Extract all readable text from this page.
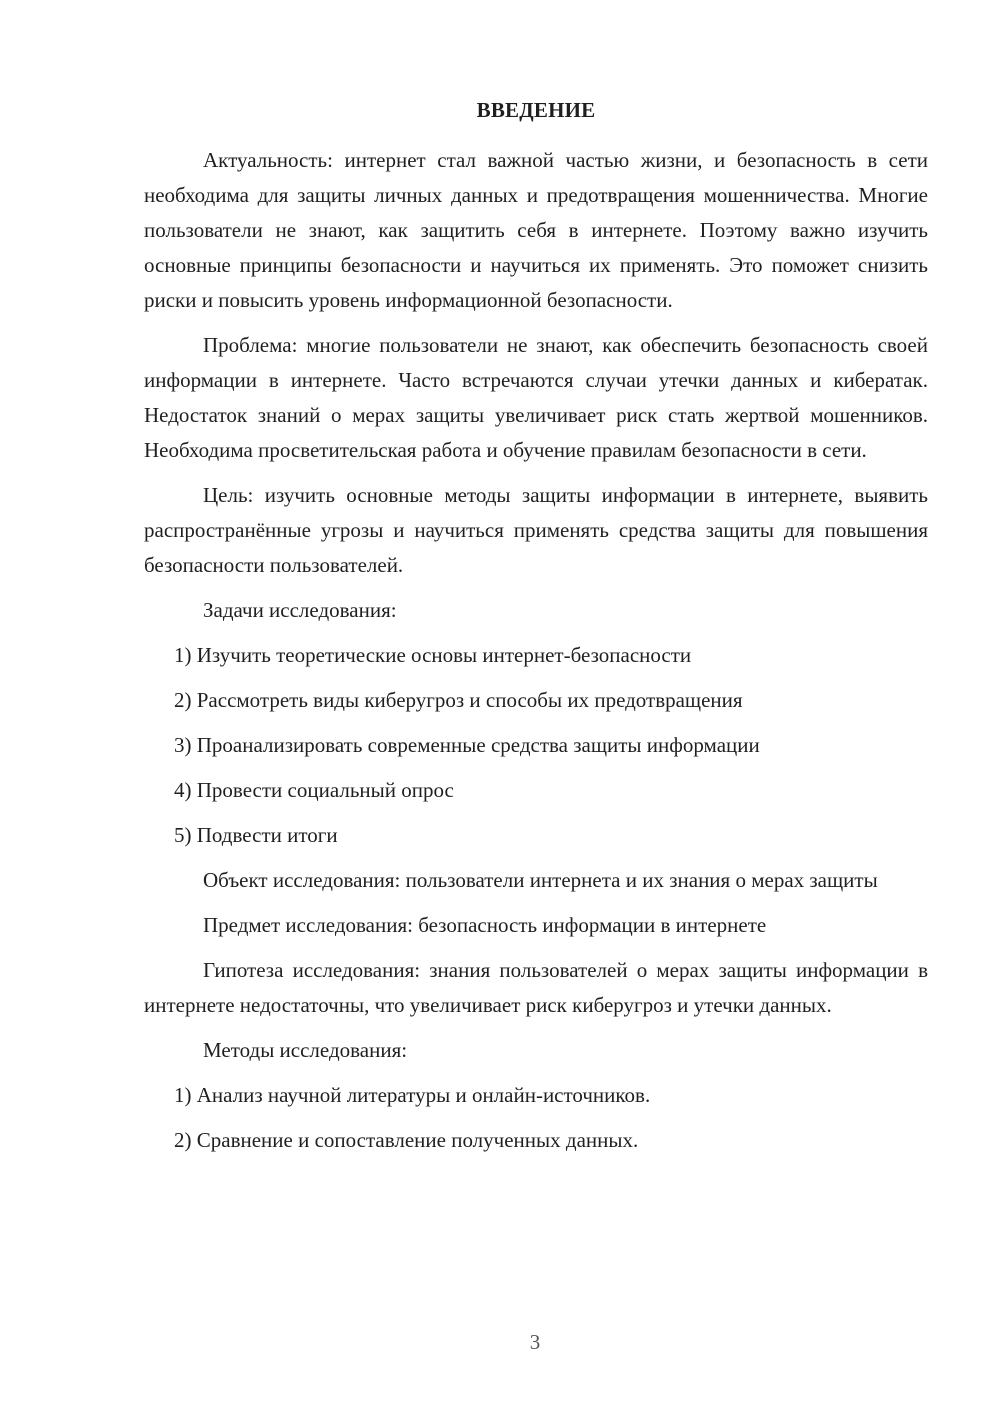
ВВЕДЕНИЕ

Актуальность: интернет стал важной частью жизни, и безопасность в сети необходима для защиты личных данных и предотвращения мошенничества. Многие пользователи не знают, как защитить себя в интернете. Поэтому важно изучить основные принципы безопасности и научиться их применять. Это поможет снизить риски и повысить уровень информационной безопасности.

Проблема: многие пользователи не знают, как обеспечить безопасность своей информации в интернете. Часто встречаются случаи утечки данных и кибератак. Недостаток знаний о мерах защиты увеличивает риск стать жертвой мошенников. Необходима просветительская работа и обучение правилам безопасности в сети.

Цель: изучить основные методы защиты информации в интернете, выявить распространённые угрозы и научиться применять средства защиты для повышения безопасности пользователей.

Задачи исследования:

1) Изучить теоретические основы интернет-безопасности
2) Рассмотреть виды киберугроз и способы их предотвращения
3) Проанализировать современные средства защиты информации
4) Провести социальный опрос
5) Подвести итоги

Объект исследования: пользователи интернета и их знания о мерах защиты

Предмет исследования: безопасность информации в интернете

Гипотеза исследования: знания пользователей о мерах защиты информации в интернете недостаточны, что увеличивает риск киберугроз и утечки данных.

Методы исследования:

1) Анализ научной литературы и онлайн-источников.
2) Сравнение и сопоставление полученных данных.
3
